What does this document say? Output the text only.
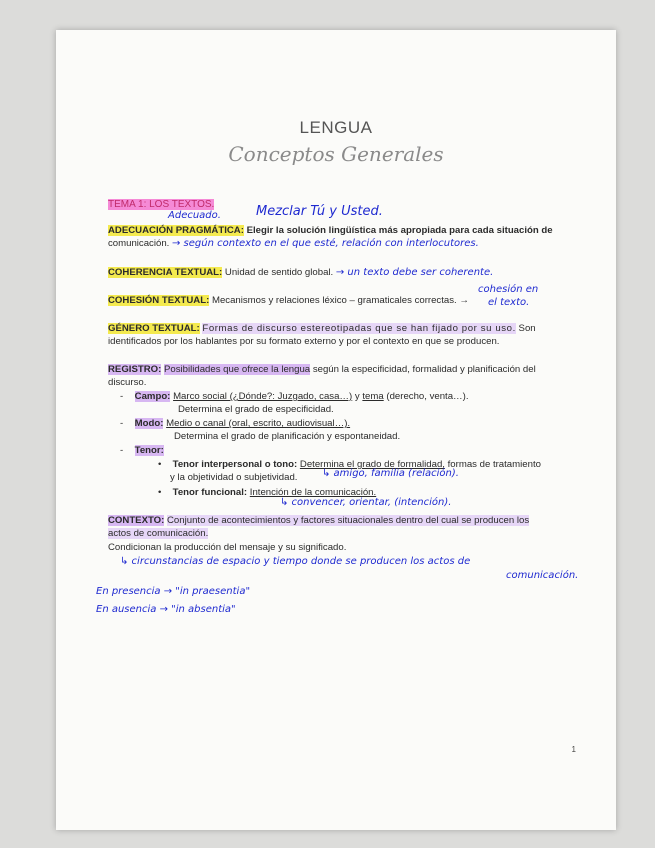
LENGUA
Conceptos Generales
TEMA 1: LOS TEXTOS.
Adecuado.	Mezclar Tú y Usted.
ADECUACIÓN PRAGMÁTICA: Elegir la solución lingüística más apropiada para cada situación de
comunicación. → según contexto en el que esté, relación con interlocutores.
COHERENCIA TEXTUAL: Unidad de sentido global. → un texto debe ser coherente.
COHESIÓN TEXTUAL: Mecanismos y relaciones léxico – gramaticales correctas. →
cohesión en
el texto.
GÉNERO TEXTUAL: Formas de discurso estereotipadas que se han fijado por su uso. Son
identificados por los hablantes por su formato externo y por el contexto en que se producen.
REGISTRO: Posibilidades que ofrece la lengua según la especificidad, formalidad y planificación del
discurso.
- Campo: Marco social (¿Dónde?: Juzgado, casa…) y tema (derecho, venta…).
Determina el grado de especificidad.
- Modo: Medio o canal (oral, escrito, audiovisual…).
Determina el grado de planificación y espontaneidad.
- Tenor:
• Tenor interpersonal o tono: Determina el grado de formalidad, formas de tratamiento
y la objetividad o subjetividad. ↳ amigo, familia (relación).
• Tenor funcional: Intención de la comunicación.
↳ convencer, orientar, (intención).
CONTEXTO: Conjunto de acontecimientos y factores situacionales dentro del cual se producen los
actos de comunicación.
Condicionan la producción del mensaje y su significado.
↳ circunstancias de espacio y tiempo donde se producen los actos de
comunicación.
En presencia → "in praesentia"
En ausencia → "in absentia"
1
